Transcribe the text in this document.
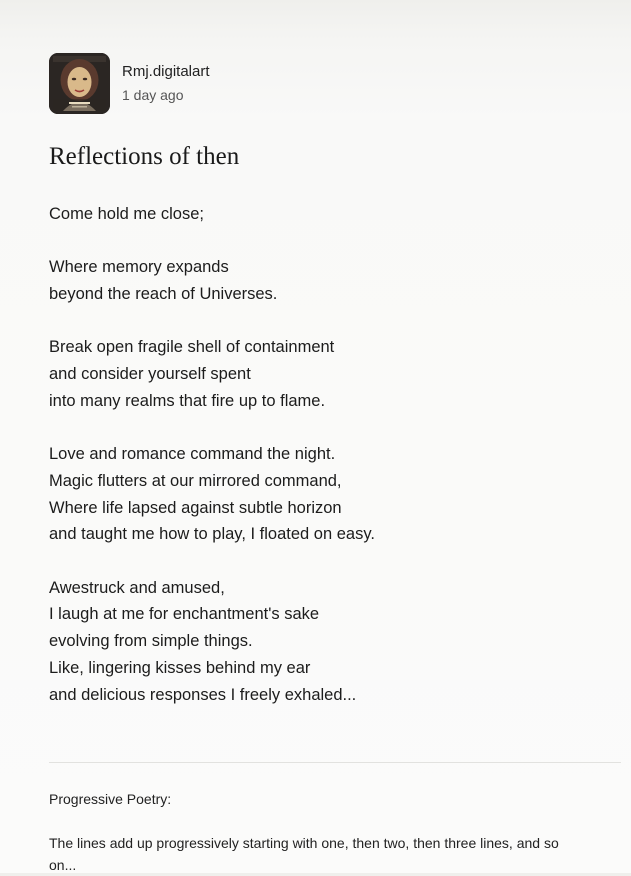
Rmj.digitalart
1 day ago
Reflections of then
Come hold me close;
Where memory expands
beyond the reach of Universes.
Break open fragile shell of containment
and consider yourself spent
into many realms that fire up to flame.
Love and romance command the night.
Magic flutters at our mirrored command,
Where life lapsed against subtle horizon
and taught me how to play, I floated on easy.
Awestruck and amused,
I laugh at me for enchantment's sake
evolving from simple things.
Like, lingering kisses behind my ear
and delicious responses I freely exhaled...
Progressive Poetry:
The lines add up progressively starting with one, then two, then three lines, and so
on...
